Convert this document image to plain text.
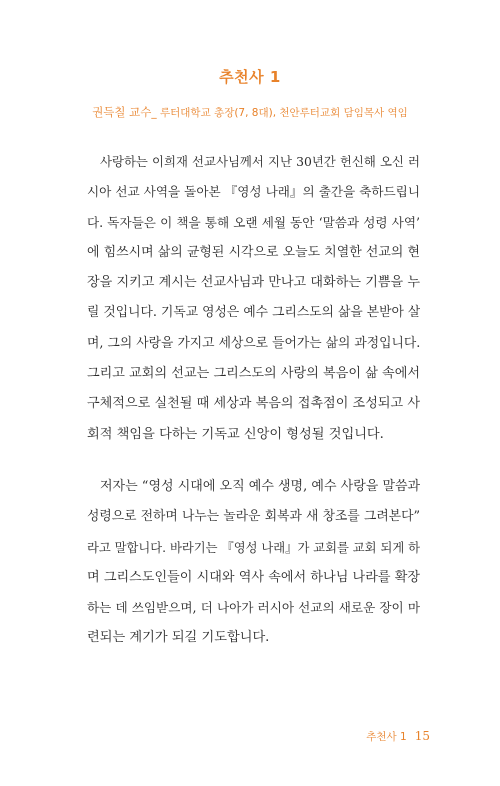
추천사 1
권득칠 교수_ 루터대학교 총장(7, 8대), 천안루터교회 담임목사 역임
사랑하는 이희재 선교사님께서 지난 30년간 헌신해 오신 러
시아 선교 사역을 돌아본 『영성 나래』의 출간을 축하드립니
다. 독자들은 이 책을 통해 오랜 세월 동안 ‘말씀과 성령 사역’
에 힘쓰시며 삶의 균형된 시각으로 오늘도 치열한 선교의 현
장을 지키고 계시는 선교사님과 만나고 대화하는 기쁨을 누
릴 것입니다. 기독교 영성은 예수 그리스도의 삶을 본받아 살
며, 그의 사랑을 가지고 세상으로 들어가는 삶의 과정입니다.
그리고 교회의 선교는 그리스도의 사랑의 복음이 삶 속에서
구체적으로 실천될 때 세상과 복음의 접촉점이 조성되고 사
회적 책임을 다하는 기독교 신앙이 형성될 것입니다.
저자는 “영성 시대에 오직 예수 생명, 예수 사랑을 말씀과
성령으로 전하며 나누는 놀라운 회복과 새 창조를 그려본다”
라고 말합니다. 바라기는 『영성 나래』가 교회를 교회 되게 하
며 그리스도인들이 시대와 역사 속에서 하나님 나라를 확장
하는 데 쓰임받으며, 더 나아가 러시아 선교의 새로운 장이 마
련되는 계기가 되길 기도합니다.
추천사 1 15
